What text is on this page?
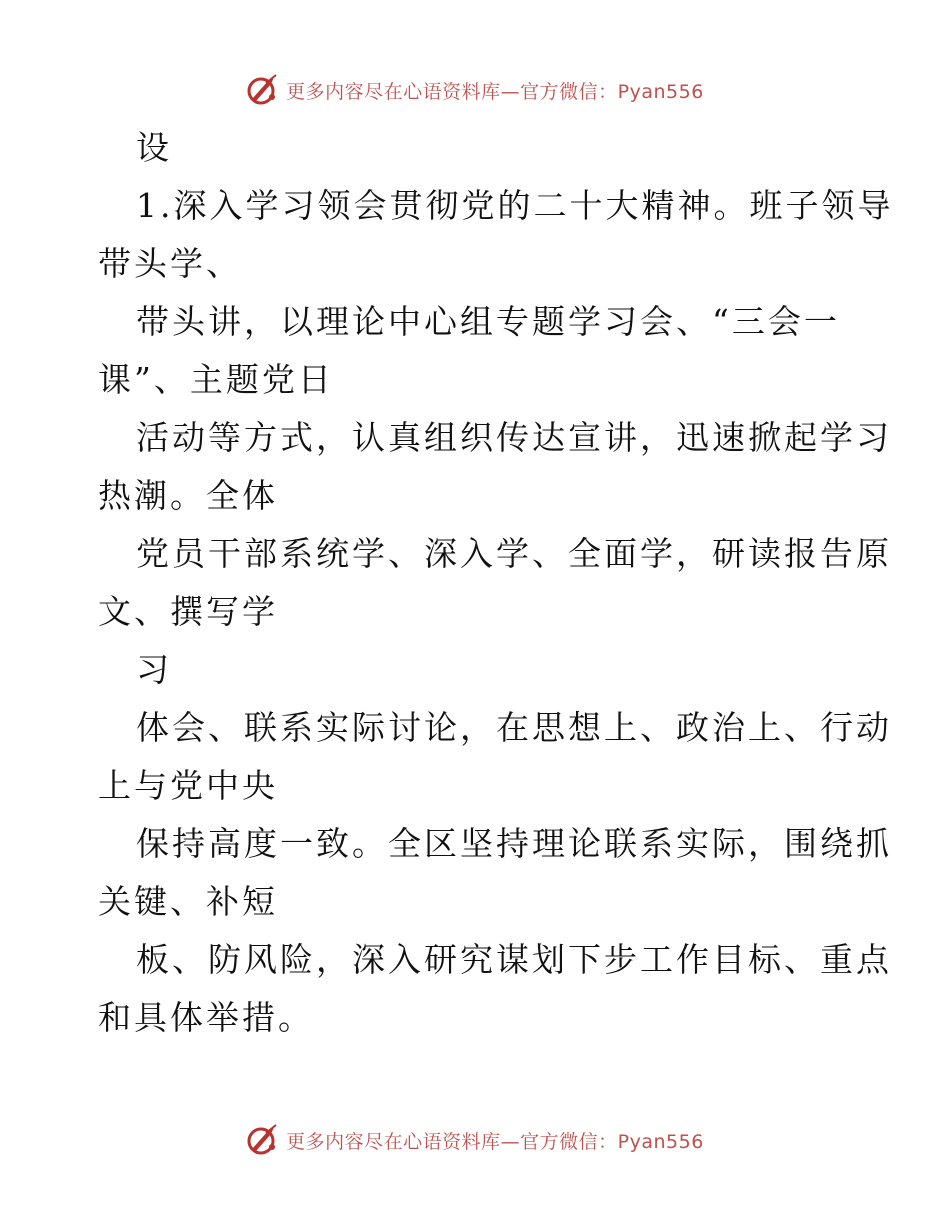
更多内容尽在心语资料库—官方微信：Pyan556
设
1.深入学习领会贯彻党的二十大精神。班子领导
带头学、
带头讲，以理论中心组专题学习会、“三会一
课”、主题党日
活动等方式，认真组织传达宣讲，迅速掀起学习
热潮。全体
党员干部系统学、深入学、全面学，研读报告原
文、撰写学
习
体会、联系实际讨论，在思想上、政治上、行动
上与党中央
保持高度一致。全区坚持理论联系实际，围绕抓
关键、补短
板、防风险，深入研究谋划下步工作目标、重点
和具体举措。
更多内容尽在心语资料库—官方微信：Pyan556
